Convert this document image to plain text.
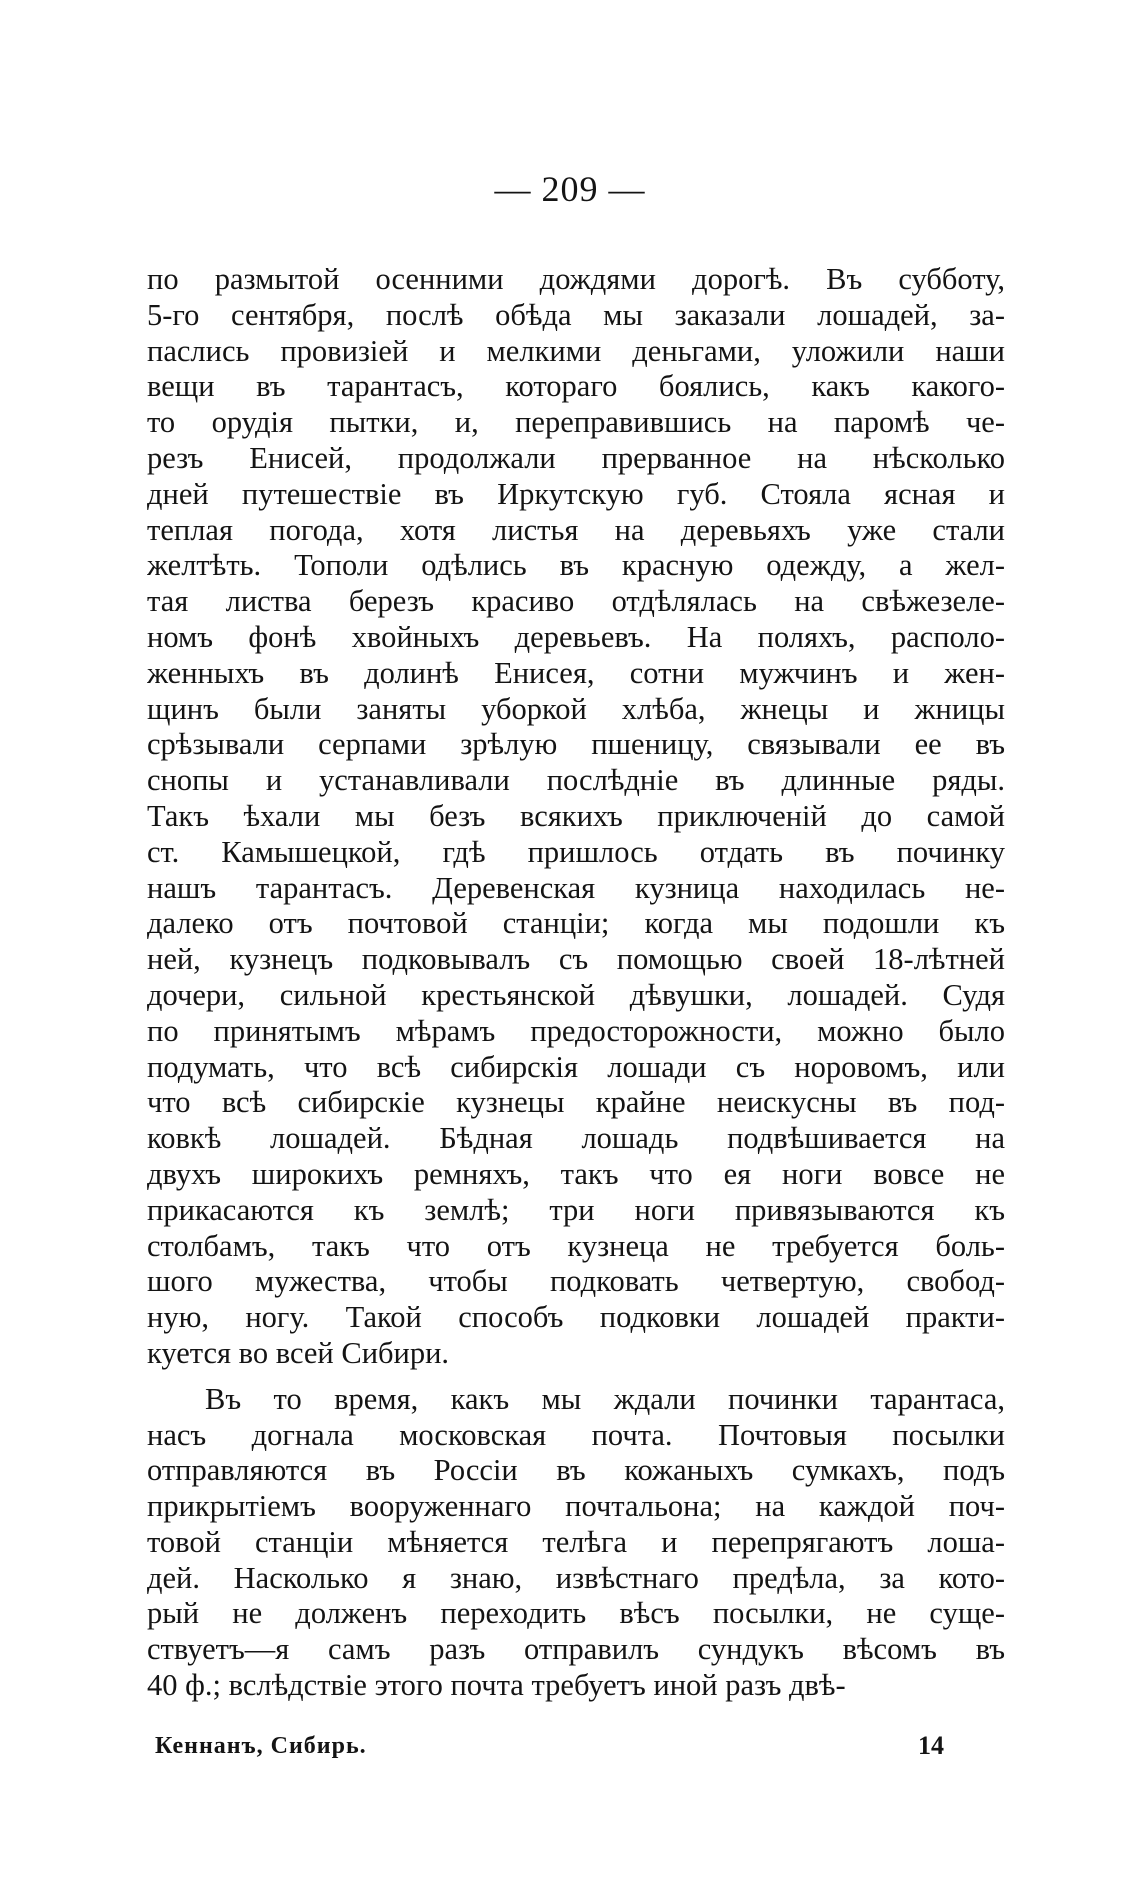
— 209 —
по размытой осенними дождями дорогѣ. Въ субботу,
5-го сентября, послѣ обѣда мы заказали лошадей, за-
паслись провизіей и мелкими деньгами, уложили наши
вещи въ тарантасъ, котораго боялись, какъ какого-
то орудія пытки, и, переправившись на паромѣ че-
резъ Енисей, продолжали прерванное на нѣсколько
дней путешествіе въ Иркутскую губ. Стояла ясная и
теплая погода, хотя листья на деревьяхъ уже стали
желтѣть. Тополи одѣлись въ красную одежду, а жел-
тая листва березъ красиво отдѣлялась на свѣжезеле-
номъ фонѣ хвойныхъ деревьевъ. На поляхъ, располо-
женныхъ въ долинѣ Енисея, сотни мужчинъ и жен-
щинъ были заняты уборкой хлѣба, жнецы и жницы
срѣзывали серпами зрѣлую пшеницу, связывали ее въ
снопы и устанавливали послѣдніе въ длинные ряды.
Такъ ѣхали мы безъ всякихъ приключеній до самой
ст. Камышецкой, гдѣ пришлось отдать въ починку
нашъ тарантасъ. Деревенская кузница находилась не-
далеко отъ почтовой станціи; когда мы подошли къ
ней, кузнецъ подковывалъ съ помощью своей 18-лѣтней
дочери, сильной крестьянской дѣвушки, лошадей. Судя
по принятымъ мѣрамъ предосторожности, можно было
подумать, что всѣ сибирскія лошади съ норовомъ, или
что всѣ сибирскіе кузнецы крайне неискусны въ под-
ковкѣ лошадей. Бѣдная лошадь подвѣшивается на
двухъ широкихъ ремняхъ, такъ что ея ноги вовсе не
прикасаются къ землѣ; три ноги привязываются къ
столбамъ, такъ что отъ кузнеца не требуется боль-
шого мужества, чтобы подковать четвертую, свобод-
ную, ногу. Такой способъ подковки лошадей практи-
куется во всей Сибири.
Въ то время, какъ мы ждали починки тарантаса,
насъ догнала московская почта. Почтовыя посылки
отправляются въ Россіи въ кожаныхъ сумкахъ, подъ
прикрытіемъ вооруженнаго почтальона; на каждой поч-
товой станціи мѣняется телѣга и перепрягаютъ лоша-
дей. Насколько я знаю, извѣстнаго предѣла, за кото-
рый не долженъ переходить вѣсъ посылки, не суще-
ствуетъ—я самъ разъ отправилъ сундукъ вѣсомъ въ
40 ф.; вслѣдствіе этого почта требуетъ иной разъ двѣ-
Кеннанъ, Сибирь.	14
